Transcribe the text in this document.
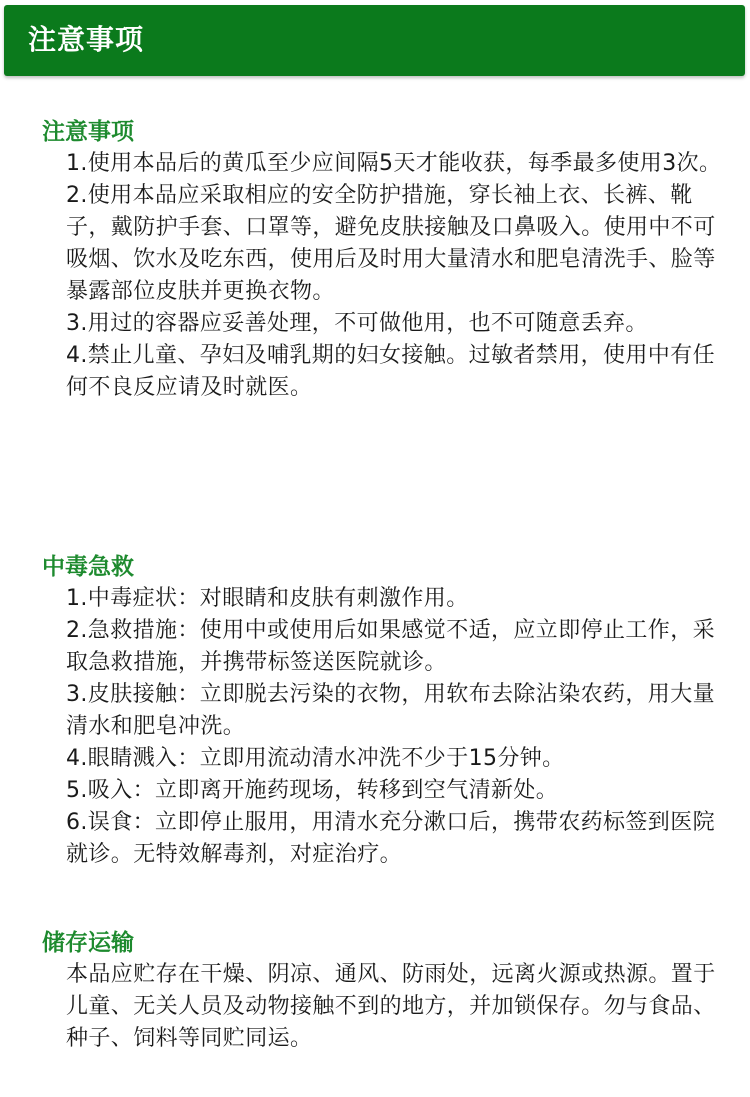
注意事项
注意事项
1.使用本品后的黄瓜至少应间隔5天才能收获，每季最多使用3次。
2.使用本品应采取相应的安全防护措施，穿长袖上衣、长裤、靴子，戴防护手套、口罩等，避免皮肤接触及口鼻吸入。使用中不可吸烟、饮水及吃东西，使用后及时用大量清水和肥皂清洗手、脸等暴露部位皮肤并更换衣物。
3.用过的容器应妥善处理，不可做他用，也不可随意丢弃。
4.禁止儿童、孕妇及哺乳期的妇女接触。过敏者禁用，使用中有任何不良反应请及时就医。
中毒急救
1.中毒症状：对眼睛和皮肤有刺激作用。
2.急救措施：使用中或使用后如果感觉不适，应立即停止工作，采取急救措施，并携带标签送医院就诊。
3.皮肤接触：立即脱去污染的衣物，用软布去除沾染农药，用大量清水和肥皂冲洗。
4.眼睛溅入：立即用流动清水冲洗不少于15分钟。
5.吸入：立即离开施药现场，转移到空气清新处。
6.误食：立即停止服用，用清水充分漱口后，携带农药标签到医院就诊。无特效解毒剂，对症治疗。
储存运输
本品应贮存在干燥、阴凉、通风、防雨处，远离火源或热源。置于儿童、无关人员及动物接触不到的地方，并加锁保存。勿与食品、种子、饲料等同贮同运。
